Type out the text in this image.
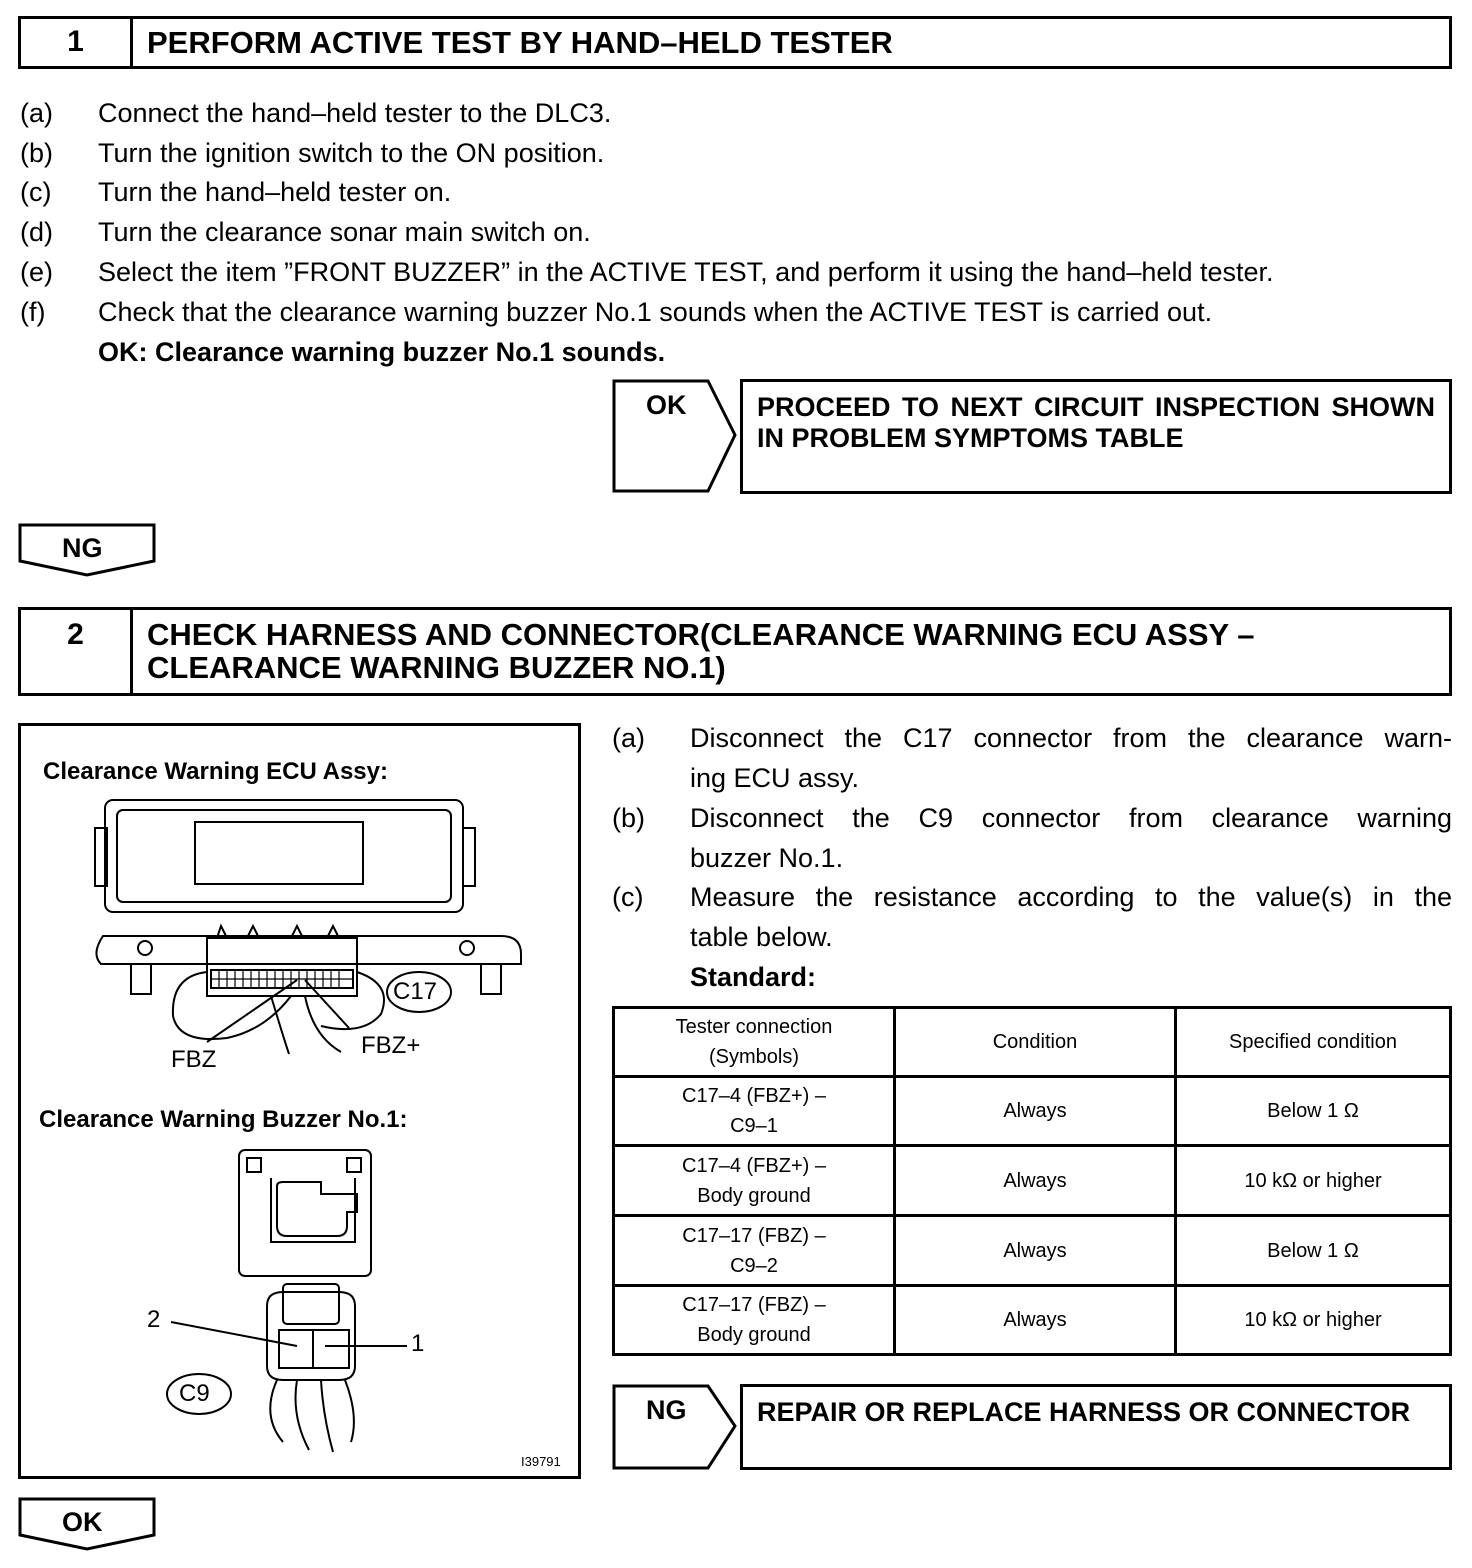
1	PERFORM ACTIVE TEST BY HAND–HELD TESTER
(a) Connect the hand–held tester to the DLC3.
(b) Turn the ignition switch to the ON position.
(c) Turn the hand–held tester on.
(d) Turn the clearance sonar main switch on.
(e) Select the item ”FRONT BUZZER” in the ACTIVE TEST, and perform it using the hand–held tester.
(f) Check that the clearance warning buzzer No.1 sounds when the ACTIVE TEST is carried out.
OK: Clearance warning buzzer No.1 sounds.
OK	PROCEED TO NEXT CIRCUIT INSPECTION SHOWN IN PROBLEM SYMPTOMS TABLE
NG
2	CHECK HARNESS AND CONNECTOR(CLEARANCE WARNING ECU ASSY –
CLEARANCE WARNING BUZZER NO.1)
Clearance Warning ECU Assy:
C17
FBZ
FBZ+
Clearance Warning Buzzer No.1:
2
1
C9
I39791
(a) Disconnect the C17 connector from the clearance warn-
ing ECU assy.
(b) Disconnect the C9 connector from clearance warning
buzzer No.1.
(c) Measure the resistance according to the value(s) in the
table below.
Standard:
Tester connection
(Symbols)	Condition	Specified condition
C17–4 (FBZ+) –
C9–1	Always	Below 1 Ω
C17–4 (FBZ+) –
Body ground	Always	10 kΩ or higher
C17–17 (FBZ) –
C9–2	Always	Below 1 Ω
C17–17 (FBZ) –
Body ground	Always	10 kΩ or higher
NG	REPAIR OR REPLACE HARNESS OR CONNECTOR
OK
